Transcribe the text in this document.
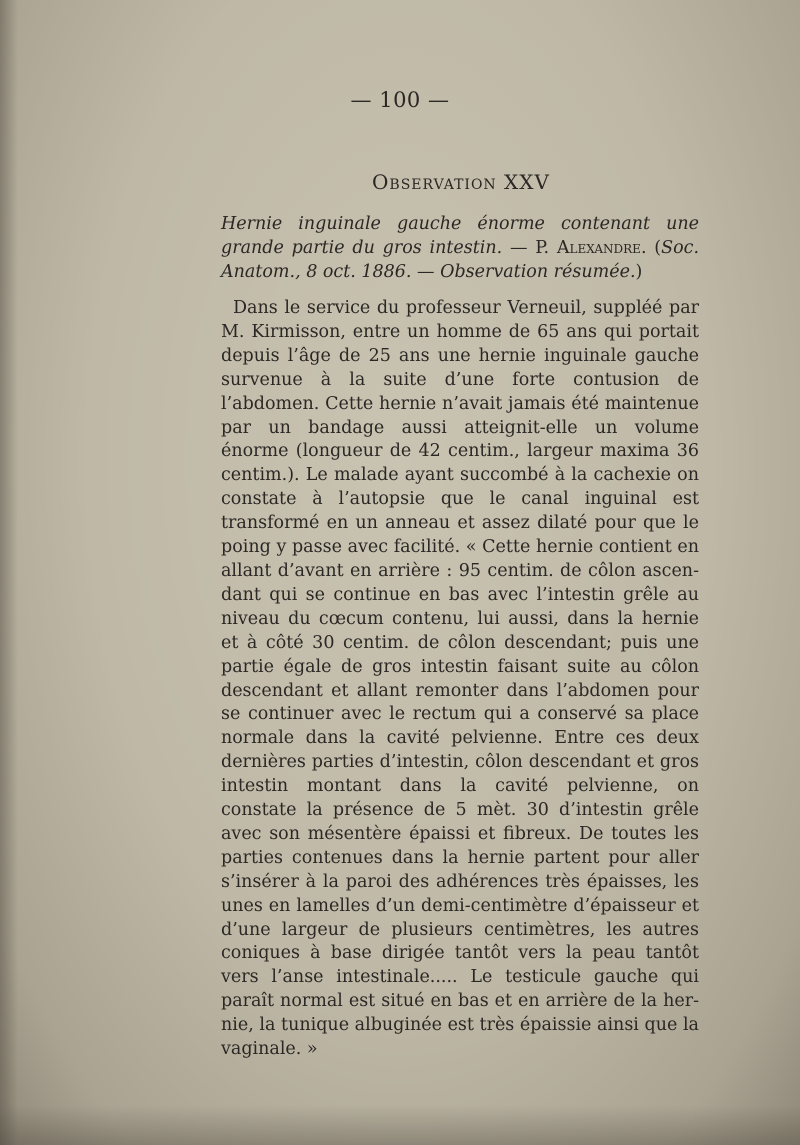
— 100 —
Observation XXV

Hernie inguinale gauche énorme contenant une grande partie du gros intestin. — P. Alexandre. (Soc. Anatom., 8 oct. 1886. — Observation résumée.)

Dans le service du professeur Verneuil, suppléé par M. Kirmisson, entre un homme de 65 ans qui portait depuis l’âge de 25 ans une hernie inguinale gauche survenue à la suite d’une forte contusion de l’abdomen. Cette hernie n’avait jamais été maintenue par un bandage aussi atteignit-elle un volume énorme (longueur de 42 centim., largeur maxima 36 centim.). Le malade ayant succombé à la cachexie on constate à l’autopsie que le canal inguinal est transformé en un anneau et assez dilaté pour que le poing y passe avec facilité. « Cette hernie contient en allant d’avant en arrière : 95 centim. de côlon ascendant qui se continue en bas avec l’intestin grêle au niveau du cœcum contenu, lui aussi, dans la hernie et à côté 30 centim. de côlon descendant; puis une partie égale de gros intestin faisant suite au côlon descendant et allant remonter dans l’abdomen pour se continuer avec le rectum qui a conservé sa place normale dans la cavité pelvienne. Entre ces deux dernières parties d’intestin, côlon descendant et gros intestin montant dans la cavité pelvienne, on constate la présence de 5 mèt. 30 d’intestin grêle avec son mésentère épaissi et fibreux. De toutes les parties contenues dans la hernie partent pour aller s’insérer à la paroi des adhérences très épaisses, les unes en lamelles d’un demi-centimètre d’épaisseur et d’une largeur de plusieurs centimètres, les autres coniques à base dirigée tantôt vers la peau tantôt vers l’anse intestinale..... Le testicule gauche qui paraît normal est situé en bas et en arrière de la hernie, la tunique albuginée est très épaissie ainsi que la vaginale. »
